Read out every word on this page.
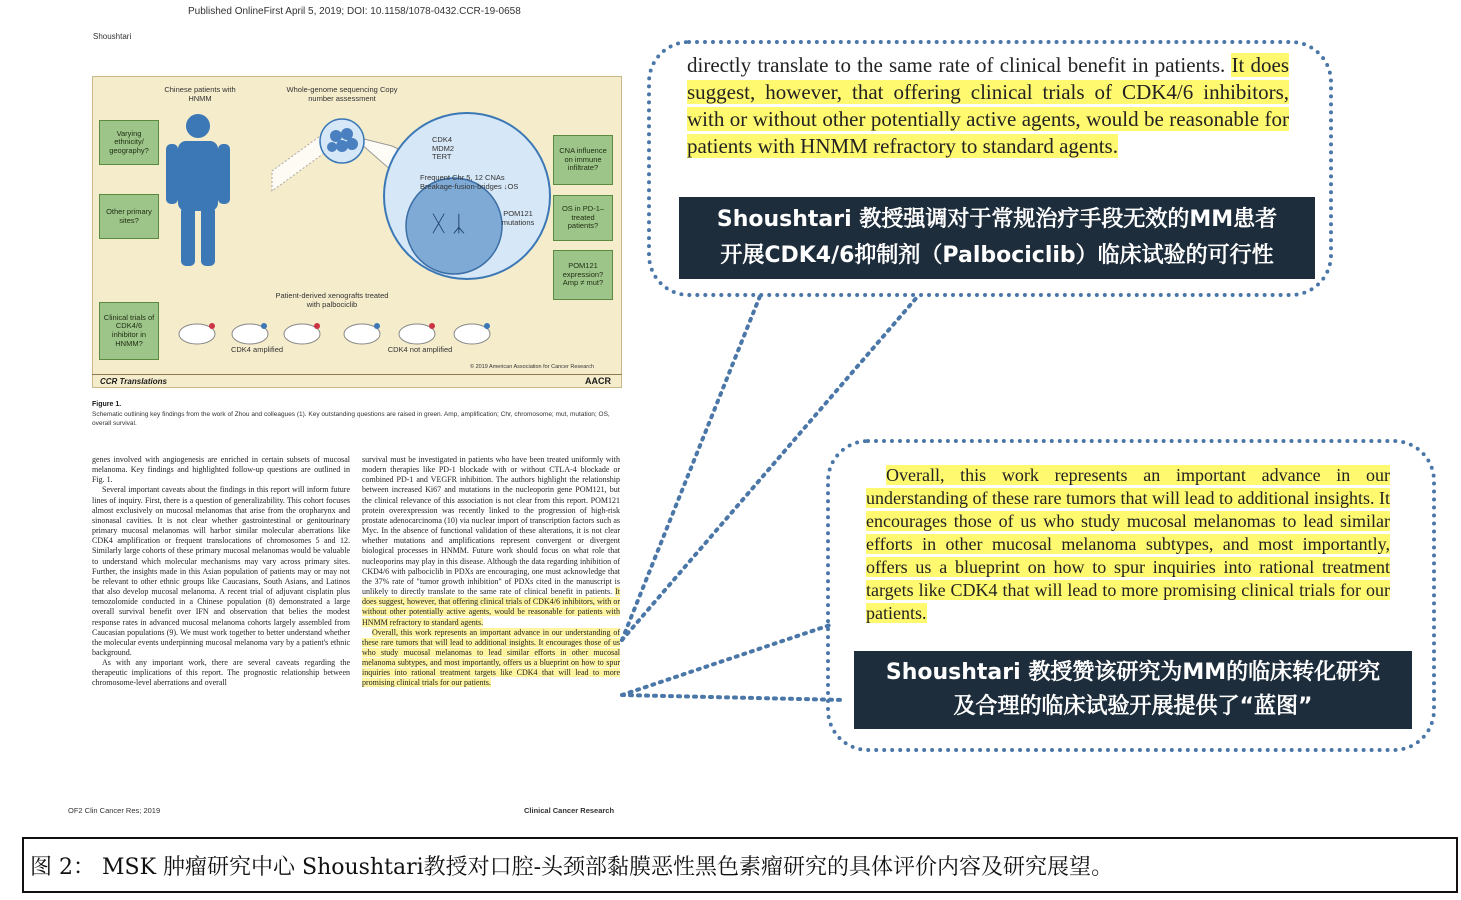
Published OnlineFirst April 5, 2019; DOI: 10.1158/1078-0432.CCR-19-0658
Shoushtari
ᚷ ᛣ
Chinese patients with HNMM
Whole-genome sequencing Copy number assessment
Varying ethnicity/ geography?
Other primary sites?
Clinical trials of CDK4/6 inhibitor in HNMM?
CNA influence on immune infiltrate?
OS in PD-1–treated patients?
POM121 expression? Amp ≠ mut?
CDK4 MDM2 TERT
Frequent Chr 5, 12 CNAs Breakage-fusion-bridges ↓OS
POM121 mutations
Patient-derived xenografts treated with palbociclib
CDK4 amplified	CDK4 not amplified
© 2019 American Association for Cancer Research
CCR Translations	AACR
Figure 1.
Schematic outlining key findings from the work of Zhou and colleagues (1). Key outstanding questions are raised in green. Amp, amplification; Chr, chromosome; mut, mutation; OS, overall survival.

genes involved with angiogenesis are enriched in certain subsets of mucosal melanoma. Key findings and highlighted follow-up questions are outlined in Fig. 1.

Several important caveats about the findings in this report will inform future lines of inquiry. First, there is a question of generalizability. This cohort focuses almost exclusively on mucosal melanomas that arise from the oropharynx and sinonasal cavities. It is not clear whether gastrointestinal or genitourinary primary mucosal melanomas will harbor similar molecular aberrations like CDK4 amplification or frequent translocations of chromosomes 5 and 12. Similarly large cohorts of these primary mucosal melanomas would be valuable to understand which molecular mechanisms may vary across primary sites. Further, the insights made in this Asian population of patients may or may not be relevant to other ethnic groups like Caucasians, South Asians, and Latinos that also develop mucosal melanoma. A recent trial of adjuvant cisplatin plus temozolomide conducted in a Chinese population (8) demonstrated a large overall survival benefit over IFN and observation that belies the modest response rates in advanced mucosal melanoma cohorts largely assembled from Caucasian populations (9). We must work together to better understand whether the molecular events underpinning mucosal melanoma vary by a patient's ethnic background.

As with any important work, there are several caveats regarding the therapeutic implications of this report. The prognostic relationship between chromosome-level aberrations and overall

survival must be investigated in patients who have been treated uniformly with modern therapies like PD-1 blockade with or without CTLA-4 blockade or combined PD-1 and VEGFR inhibition. The authors highlight the relationship between increased Ki67 and mutations in the nucleoporin gene POM121, but the clinical relevance of this association is not clear from this report. POM121 protein overexpression was recently linked to the progression of high-risk prostate adenocarcinoma (10) via nuclear import of transcription factors such as Myc. In the absence of functional validation of these alterations, it is not clear whether mutations and amplifications represent convergent or divergent biological processes in HNMM. Future work should focus on what role that nucleoporins may play in this disease. Although the data regarding inhibition of CKD4/6 with palbociclib in PDXs are encouraging, one must acknowledge that the 37% rate of "tumor growth inhibition" of PDXs cited in the manuscript is unlikely to directly translate to the same rate of clinical benefit in patients. It does suggest, however, that offering clinical trials of CDK4/6 inhibitors, with or without other potentially active agents, would be reasonable for patients with HNMM refractory to standard agents.

Overall, this work represents an important advance in our understanding of these rare tumors that will lead to additional insights. It encourages those of us who study mucosal melanomas to lead similar efforts in other mucosal melanoma subtypes, and most importantly, offers us a blueprint on how to spur inquiries into rational treatment targets like CDK4 that will lead to more promising clinical trials for our patients.

OF2 Clin Cancer Res; 2019	Clinical Cancer Research
directly translate to the same rate of clinical benefit in patients. It does suggest, however, that offering clinical trials of CDK4/6 inhibitors, with or without other potentially active agents, would be reasonable for patients with HNMM refractory to standard agents.
Shoushtari 教授强调对于常规治疗手段无效的MM患者
开展CDK4/6抑制剂（Palbociclib）临床试验的可行性
Overall, this work represents an important advance in our understanding of these rare tumors that will lead to additional insights. It encourages those of us who study mucosal melanomas to lead similar efforts in other mucosal melanoma subtypes, and most importantly, offers us a blueprint on how to spur inquiries into rational treatment targets like CDK4 that will lead to more promising clinical trials for our patients.
Shoushtari 教授赞该研究为MM的临床转化研究
及合理的临床试验开展提供了“蓝图”
图 2： MSK 肿瘤研究中心 Shoushtari教授对口腔-头颈部黏膜恶性黑色素瘤研究的具体评价内容及研究展望。
